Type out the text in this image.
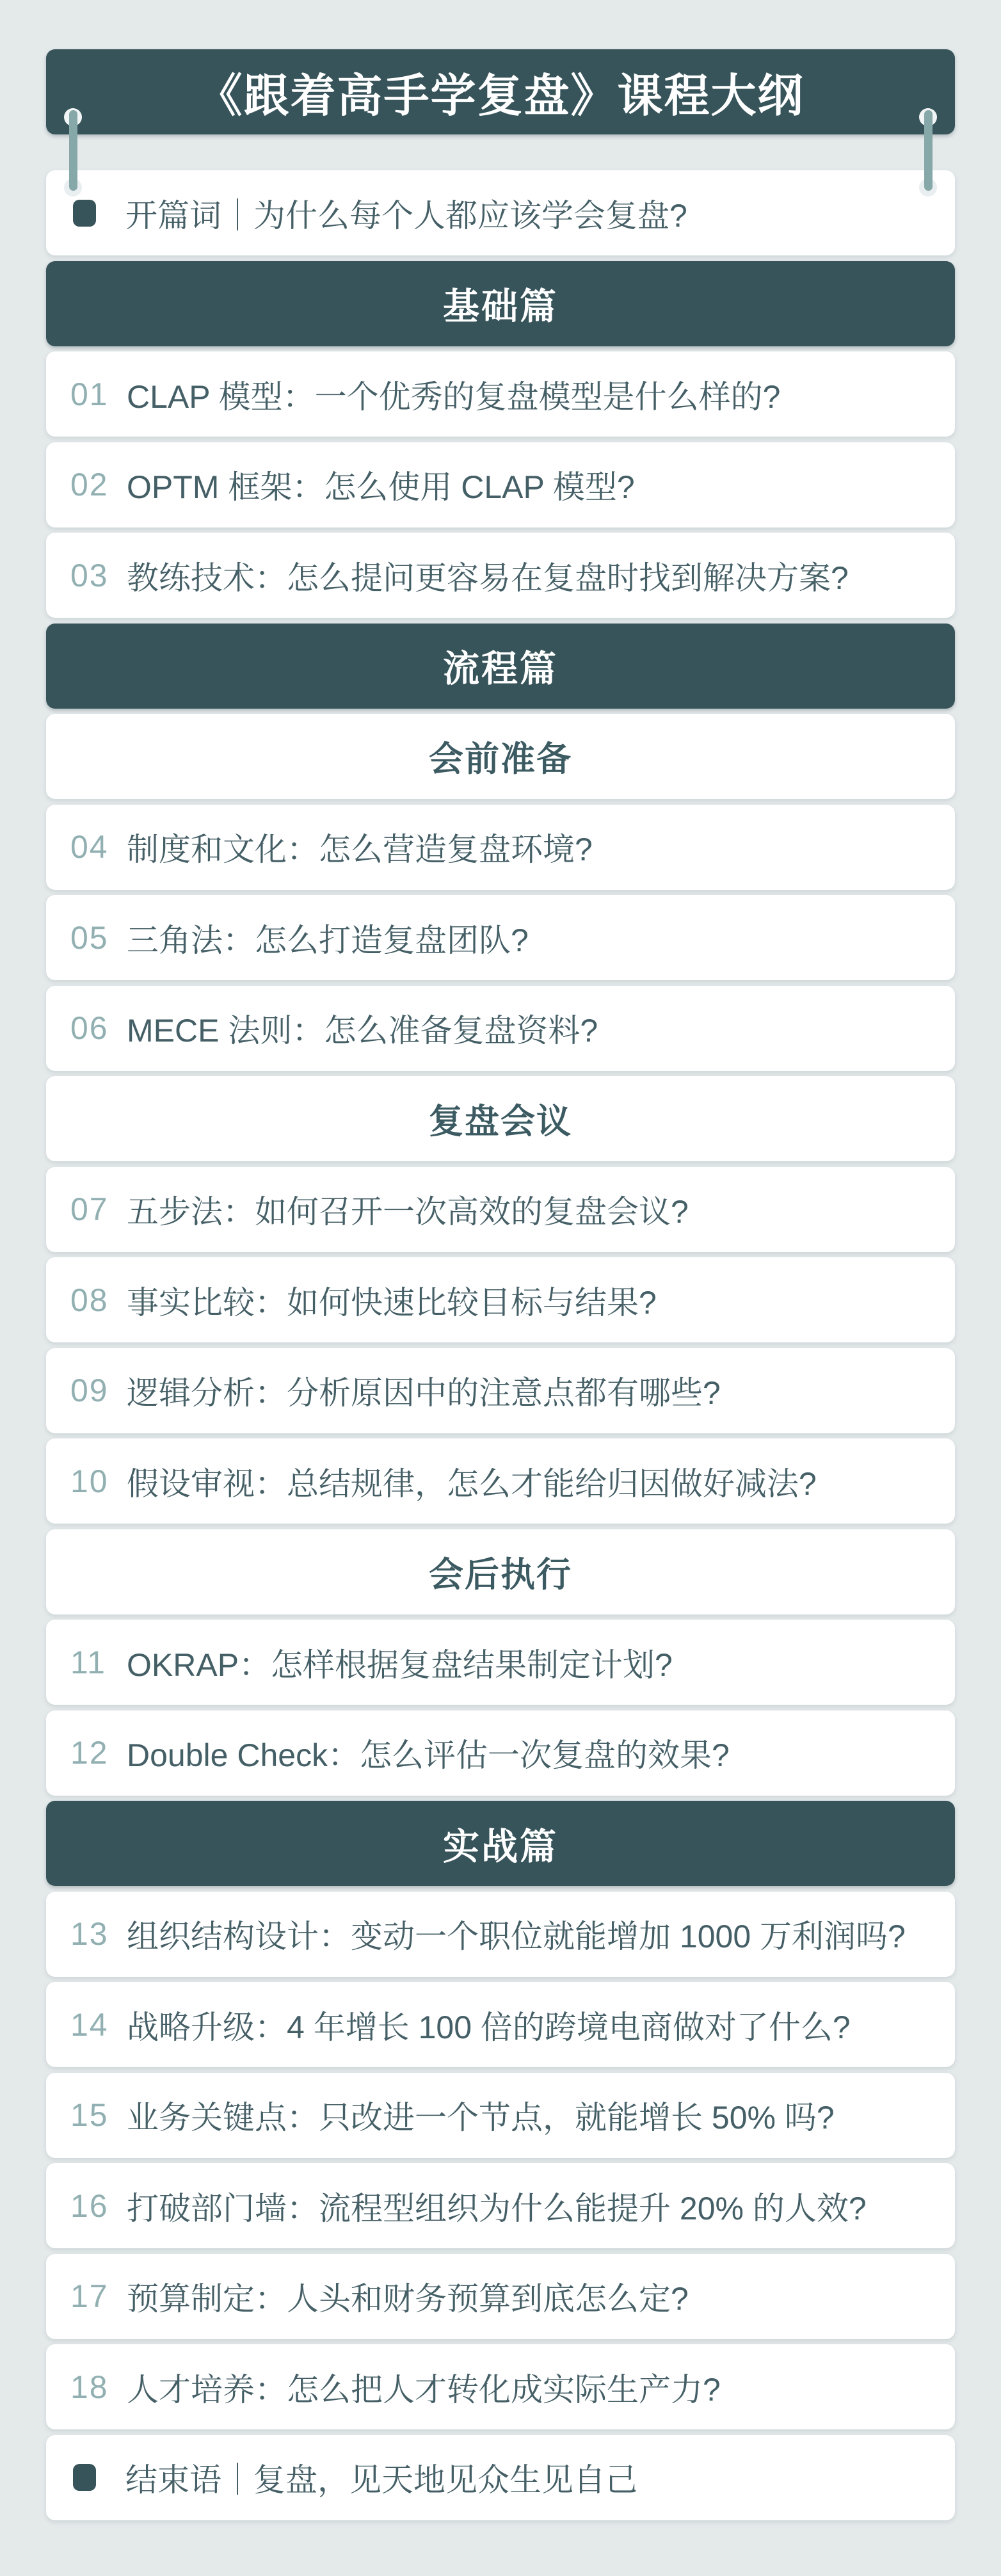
《跟着高手学复盘》课程大纲
开篇词｜为什么每个人都应该学会复盘?
基础篇
01 CLAP 模型：一个优秀的复盘模型是什么样的?
02 OPTM 框架：怎么使用 CLAP 模型?
03 教练技术：怎么提问更容易在复盘时找到解决方案?
流程篇
会前准备
04 制度和文化：怎么营造复盘环境?
05 三角法：怎么打造复盘团队?
06 MECE 法则：怎么准备复盘资料?
复盘会议
07 五步法：如何召开一次高效的复盘会议?
08 事实比较：如何快速比较目标与结果?
09 逻辑分析：分析原因中的注意点都有哪些?
10 假设审视：总结规律，怎么才能给归因做好减法?
会后执行
11 OKRAP：怎样根据复盘结果制定计划?
12 Double Check：怎么评估一次复盘的效果?
实战篇
13 组织结构设计：变动一个职位就能增加 1000 万利润吗?
14 战略升级：4 年增长 100 倍的跨境电商做对了什么?
15 业务关键点：只改进一个节点，就能增长 50% 吗?
16 打破部门墙：流程型组织为什么能提升 20% 的人效?
17 预算制定：人头和财务预算到底怎么定?
18 人才培养：怎么把人才转化成实际生产力?
结束语｜复盘，见天地见众生见自己
